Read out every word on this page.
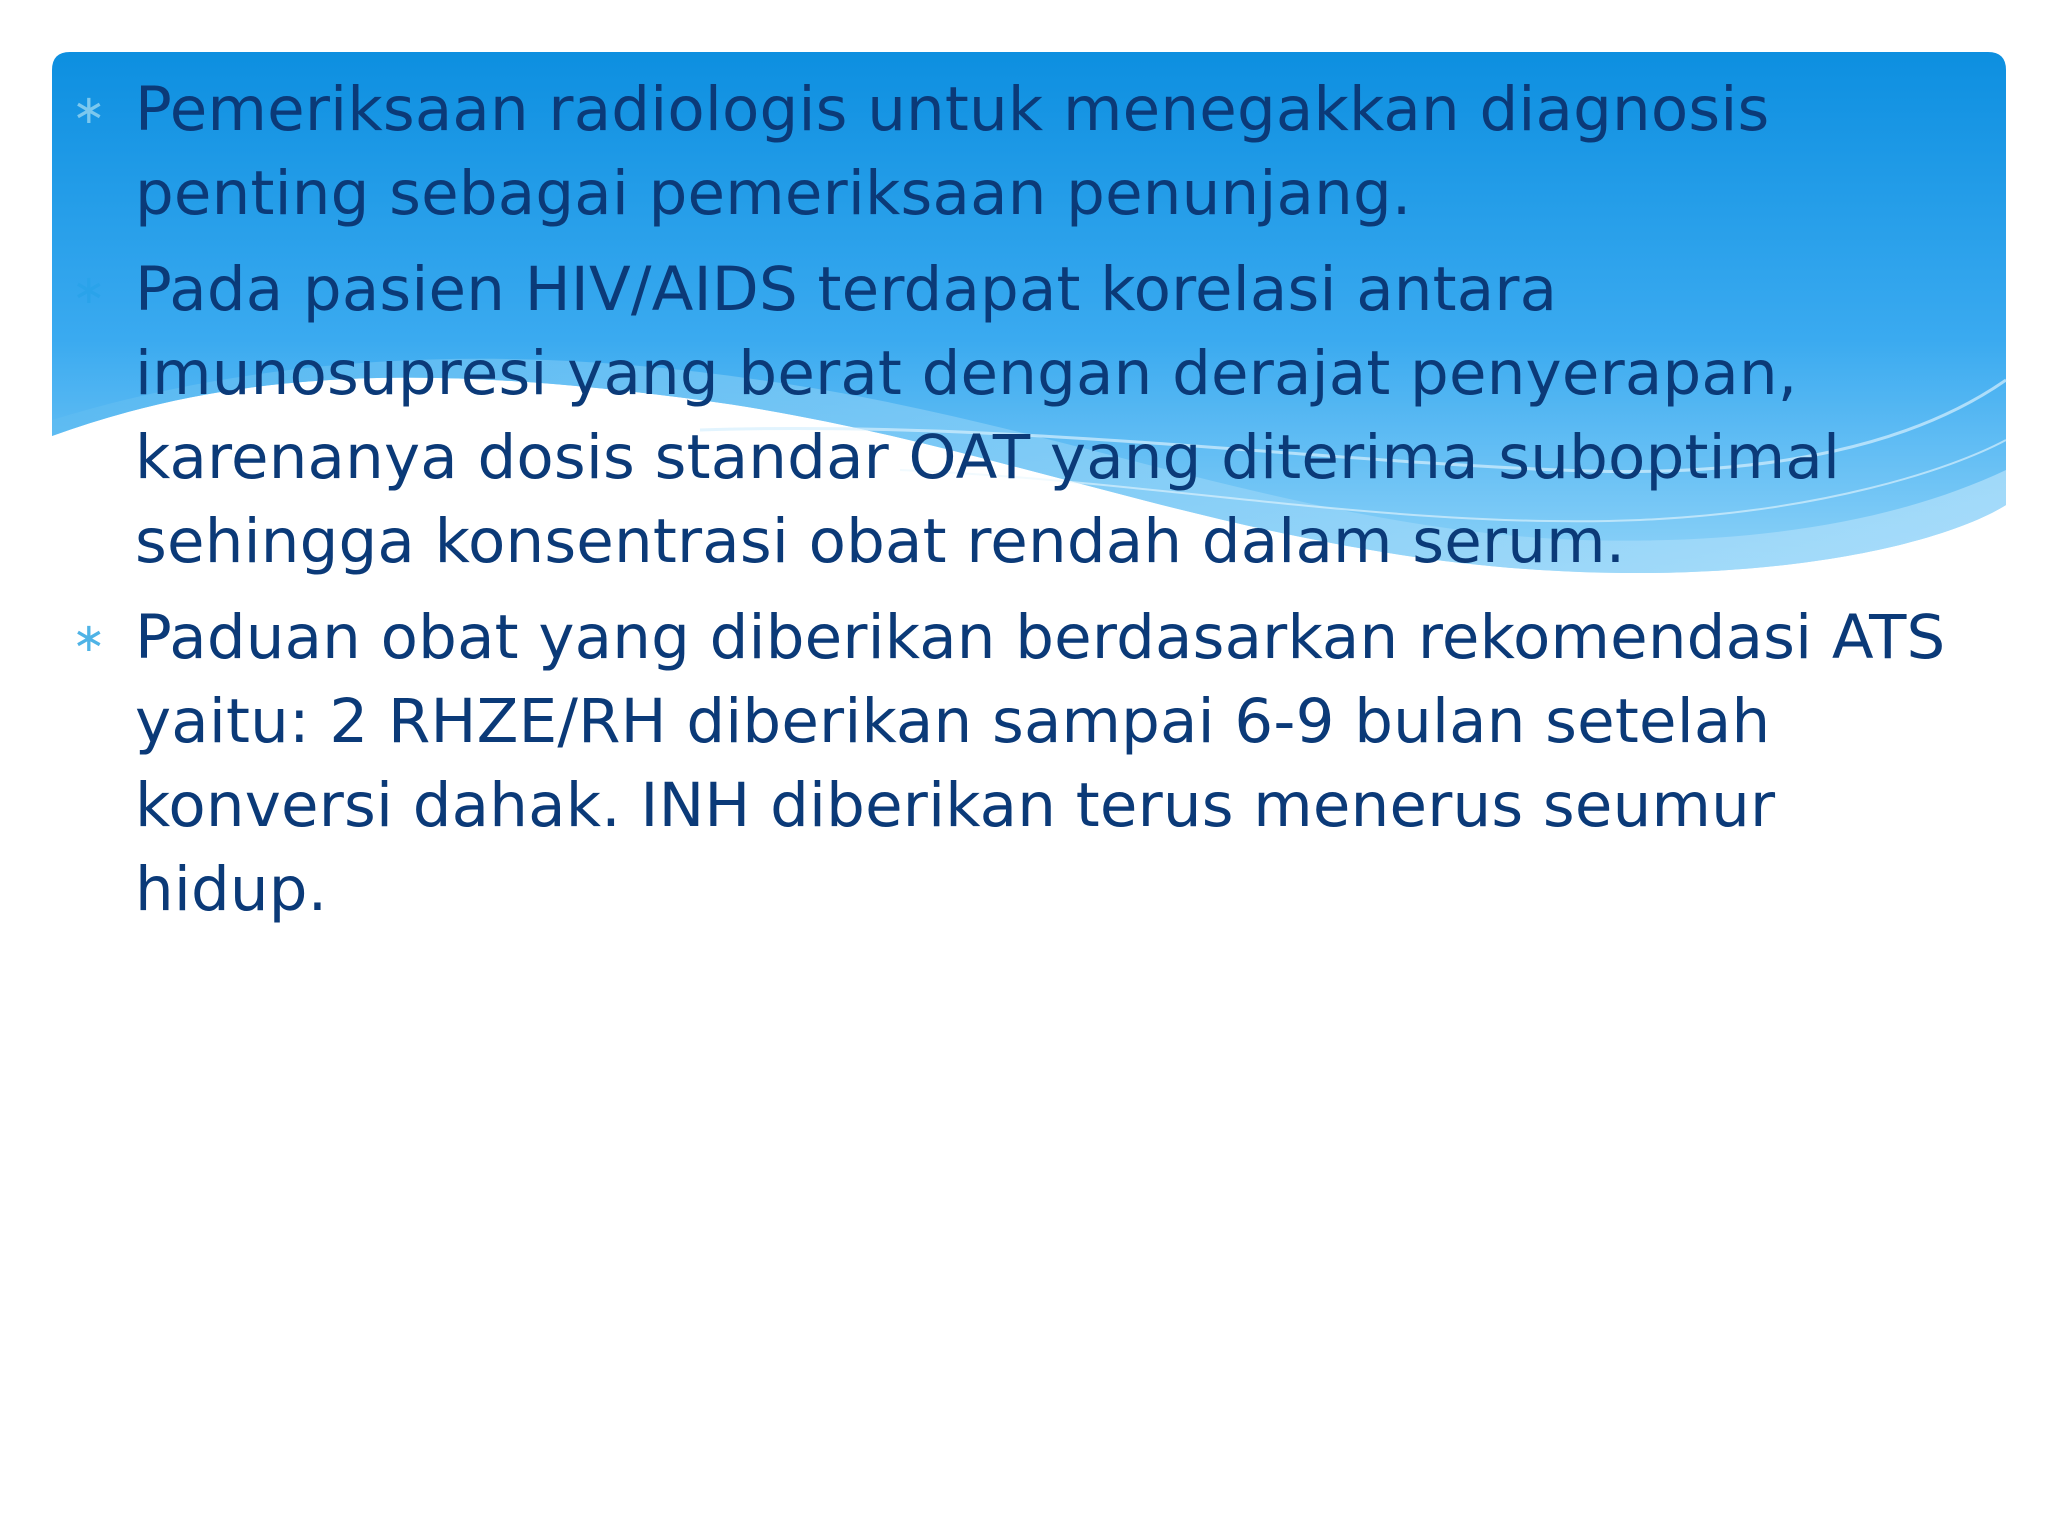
∗ Pemeriksaan radiologis untuk menegakkan diagnosis penting sebagai pemeriksaan penunjang.
∗ Pada pasien HIV/AIDS terdapat korelasi antara imunosupresi yang berat dengan derajat penyerapan, karenanya dosis standar OAT yang diterima suboptimal sehingga konsentrasi obat rendah dalam serum.
∗ Paduan obat yang diberikan berdasarkan rekomendasi ATS yaitu: 2 RHZE/RH diberikan sampai 6-9 bulan setelah konversi dahak. INH diberikan terus menerus seumur hidup.
